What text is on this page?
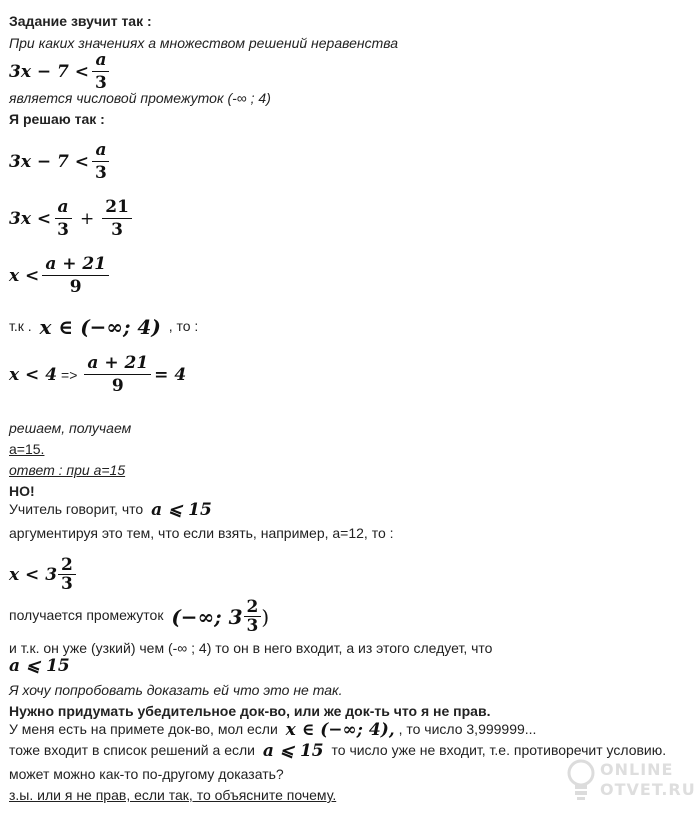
Задание звучит так :
При каких значениях а множеством решений неравенства
$3x - 7 < \frac{a}{3}$
является числовой промежуток (-∞ ; 4)
Я решаю так :
$3x - 7 < \frac{a}{3}$
$3x < \frac{a}{3} + \frac{21}{3}$
$x < \frac{a + 21}{9}$
т.к . x ∈ (−∞; 4) , то :
$x < 4 => \frac{a + 21}{9} = 4$
решаем, получаем
а=15.
ответ : при а=15
НО!
Учитель говорит, что a ⩽ 15
аргументируя это тем, что если взять, например, а=12, то :
$x < 3 \frac{2}{3}$
получается промежуток (−∞; $3 \frac{2}{3}$ )
и т.к. он уже (узкий) чем (-∞ ; 4) то он в него входит, а из этого следует, что
a ⩽ 15
Я хочу попробовать доказать ей что это не так.
Нужно придумать убедительное док-во, или же док-ть что я не прав.
У меня есть на примете док-во, мол если x ∈ (−∞; 4), , то число 3,999999...
тоже входит в список решений а если a ⩽ 15 то число уже не входит, т.е. противоречит условию.
может можно как-то по-другому доказать?
з.ы. или я не прав, если так, то объясните почему.
ONLINE
OTVET.RU
